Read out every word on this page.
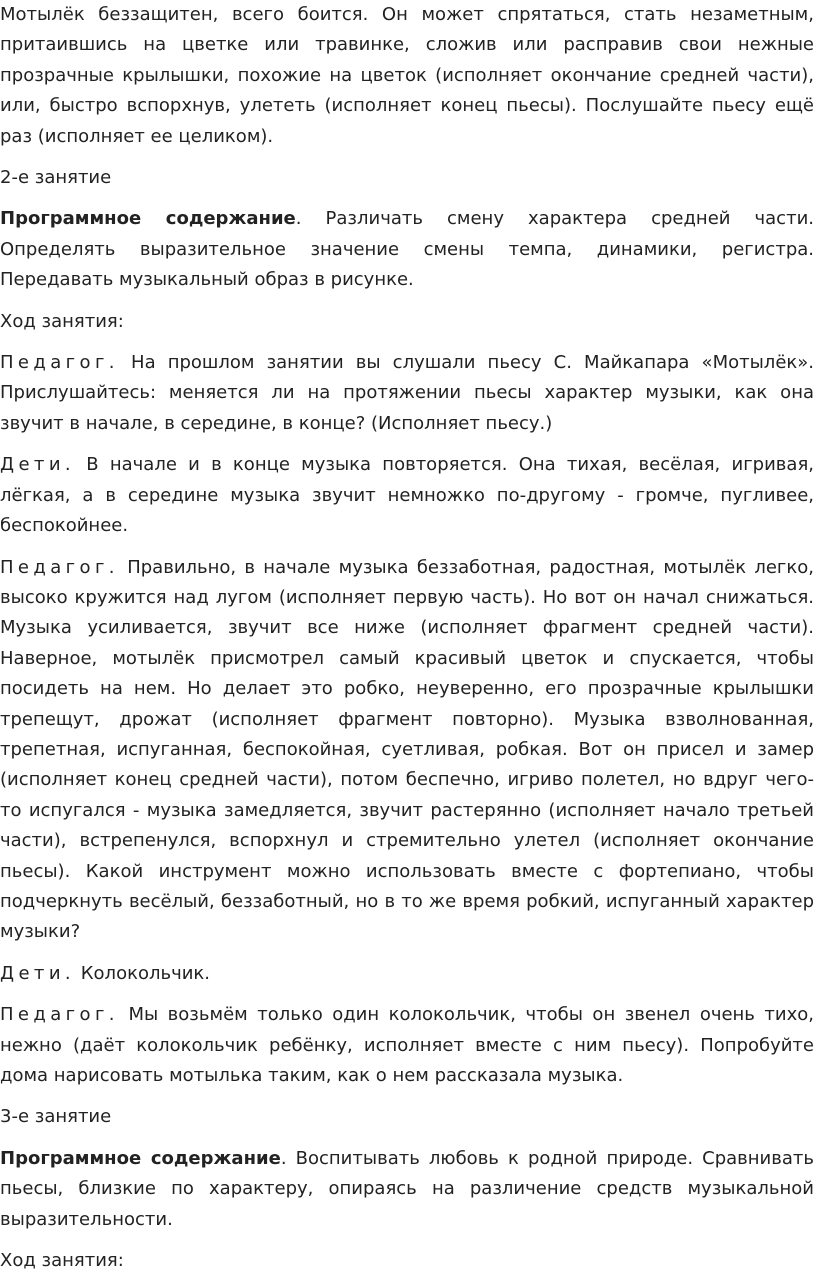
Мотылёк беззащитен, всего боится. Он может спрятаться, стать незаметным, притаившись на цветке или травинке, сложив или расправив свои нежные прозрачные крылышки, похожие на цветок (исполняет окончание средней части), или, быстро вспорхнув, улететь (исполняет конец пьесы). Послушайте пьесу ещё раз (исполняет ее целиком).

2-е занятие

Программное содержание. Различать смену характера средней части. Определять выразительное значение смены темпа, динамики, регистра. Передавать музыкальный образ в рисунке.

Ход занятия:

Педагог. На прошлом занятии вы слушали пьесу С. Майкапара «Мотылёк». Прислушайтесь: меняется ли на протяжении пьесы характер музыки, как она звучит в начале, в середине, в конце? (Исполняет пьесу.)

Дети. В начале и в конце музыка повторяется. Она тихая, весёлая, игривая, лёгкая, а в середине музыка звучит немножко по-другому - громче, пугливее, беспокойнее.

Педагог. Правильно, в начале музыка беззаботная, радостная, мотылёк легко, высоко кружится над лугом (исполняет первую часть). Но вот он начал снижаться. Музыка усиливается, звучит все ниже (исполняет фрагмент средней части). Наверное, мотылёк присмотрел самый красивый цветок и спускается, чтобы посидеть на нем. Но делает это робко, неуверенно, его прозрачные крылышки трепещут, дрожат (исполняет фрагмент повторно). Музыка взволнованная, трепетная, испуганная, беспокойная, суетливая, робкая. Вот он присел и замер (исполняет конец средней части), потом беспечно, игриво полетел, но вдруг чего-то испугался - музыка замедляется, звучит растерянно (исполняет начало третьей части), встрепенулся, вспорхнул и стремительно улетел (исполняет окончание пьесы). Какой инструмент можно использовать вместе с фортепиано, чтобы подчеркнуть весёлый, беззаботный, но в то же время робкий, испуганный характер музыки?

Дети. Колокольчик.

Педагог. Мы возьмём только один колокольчик, чтобы он звенел очень тихо, нежно (даёт колокольчик ребёнку, исполняет вместе с ним пьесу). Попробуйте дома нарисовать мотылька таким, как о нем рассказала музыка.

3-е занятие

Программное содержание. Воспитывать любовь к родной природе. Сравнивать пьесы, близкие по характеру, опираясь на различение средств музыкальной выразительности.

Ход занятия:
